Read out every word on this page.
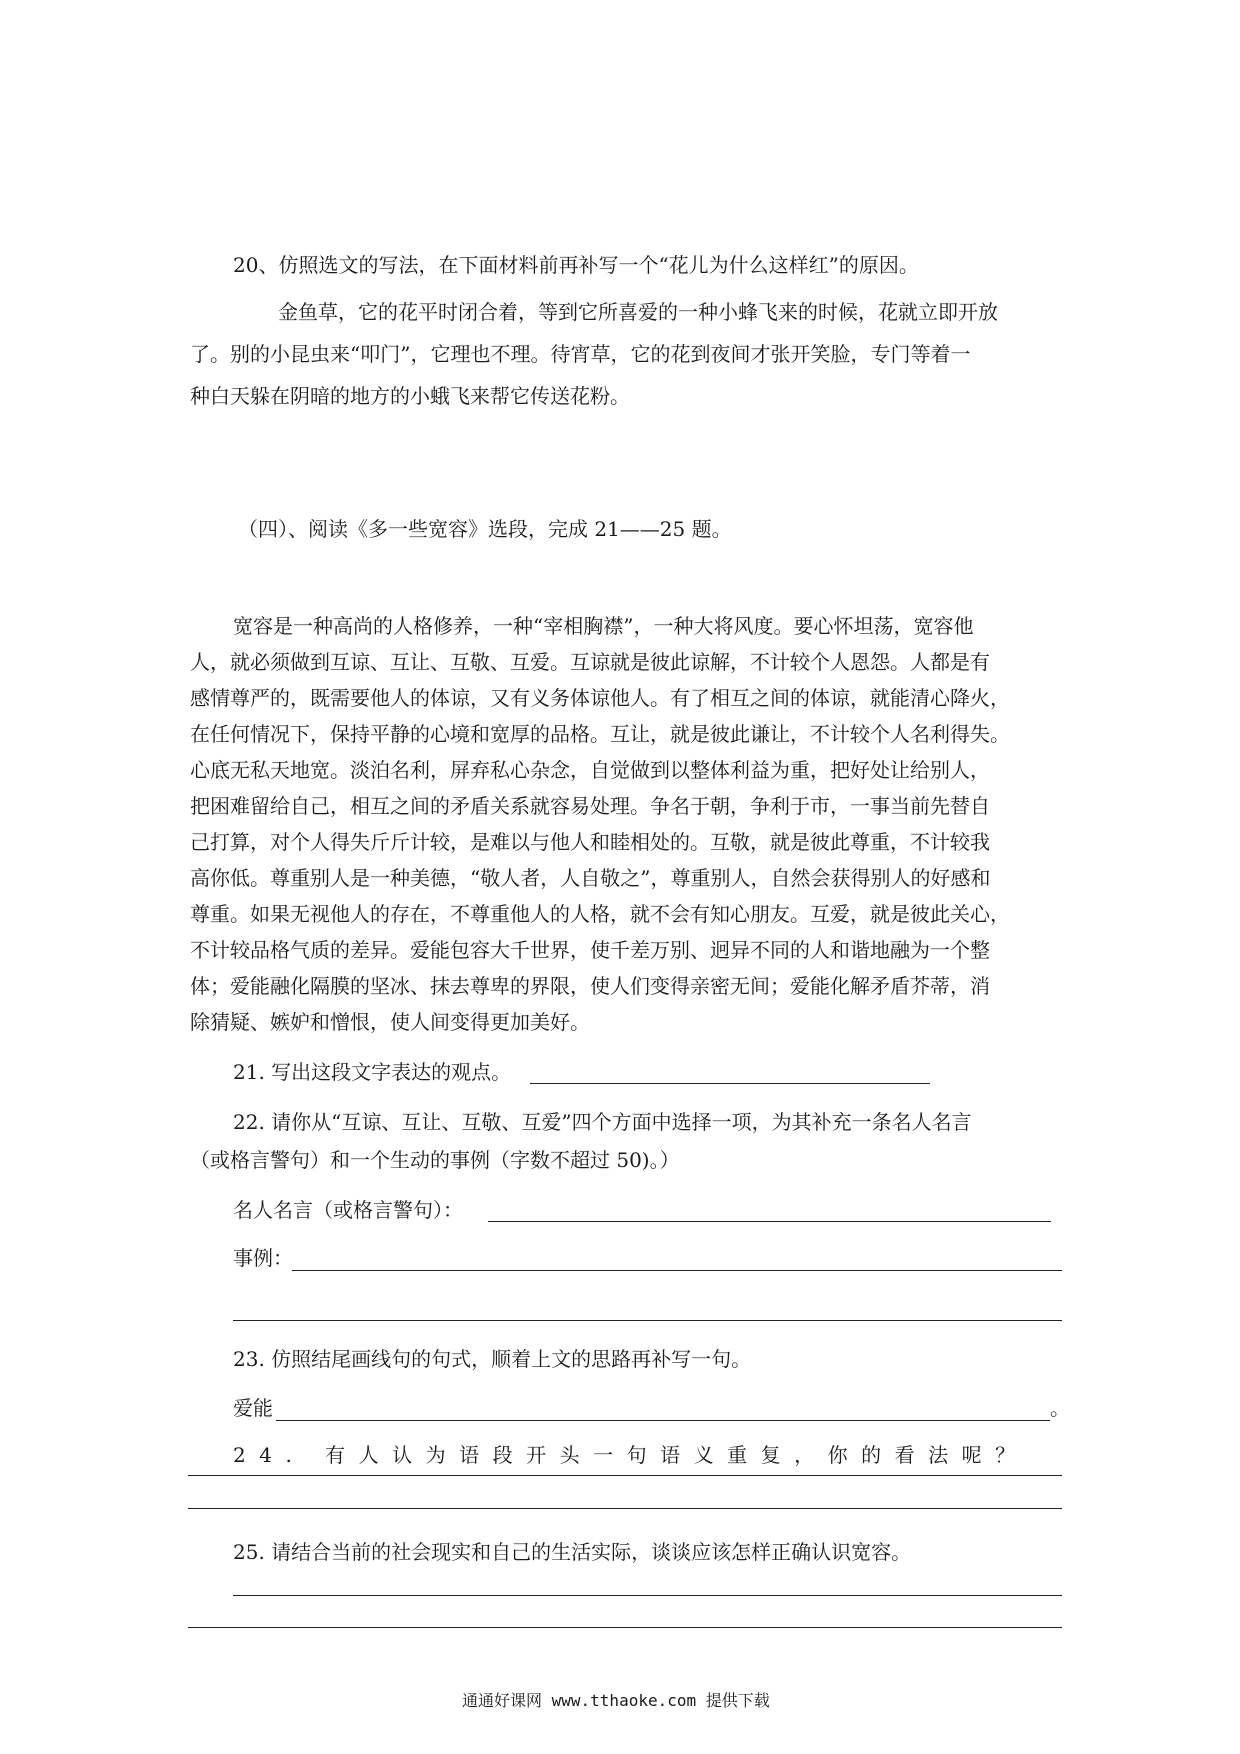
20、仿照选文的写法，在下面材料前再补写一个“花儿为什么这样红”的原因。
金鱼草，它的花平时闭合着，等到它所喜爱的一种小蜂飞来的时候，花就立即开放
了。别的小昆虫来“叩门”，它理也不理。待宵草，它的花到夜间才张开笑脸，专门等着一
种白天躲在阴暗的地方的小蛾飞来帮它传送花粉。
（四）、阅读《多一些宽容》选段，完成 21——25 题。
宽容是一种高尚的人格修养，一种“宰相胸襟”，一种大将风度。要心怀坦荡，宽容他
人，就必须做到互谅、互让、互敬、互爱。互谅就是彼此谅解，不计较个人恩怨。人都是有
感情尊严的，既需要他人的体谅，又有义务体谅他人。有了相互之间的体谅，就能清心降火，
在任何情况下，保持平静的心境和宽厚的品格。互让，就是彼此谦让，不计较个人名利得失。
心底无私天地宽。淡泊名利，屏弃私心杂念，自觉做到以整体利益为重，把好处让给别人，
把困难留给自己，相互之间的矛盾关系就容易处理。争名于朝，争利于市，一事当前先替自
己打算，对个人得失斤斤计较，是难以与他人和睦相处的。互敬，就是彼此尊重，不计较我
高你低。尊重别人是一种美德，“敬人者，人自敬之”，尊重别人，自然会获得别人的好感和
尊重。如果无视他人的存在，不尊重他人的人格，就不会有知心朋友。互爱，就是彼此关心，
不计较品格气质的差异。爱能包容大千世界，使千差万别、迥异不同的人和谐地融为一个整
体；爱能融化隔膜的坚冰、抹去尊卑的界限，使人们变得亲密无间；爱能化解矛盾芥蒂，消
除猜疑、嫉妒和憎恨，使人间变得更加美好。
21. 写出这段文字表达的观点。
22. 请你从“互谅、互让、互敬、互爱”四个方面中选择一项，为其补充一条名人名言
（或格言警句）和一个生动的事例（字数不超过 50)。）
名人名言（或格言警句）：
事例：
23. 仿照结尾画线句的句式，顺着上文的思路再补写一句。
爱能	。
24. 有人认为语段开头一句语义重复，你的看法呢？
25. 请结合当前的社会现实和自己的生活实际，谈谈应该怎样正确认识宽容。
通通好课网 www.tthaoke.com 提供下载
